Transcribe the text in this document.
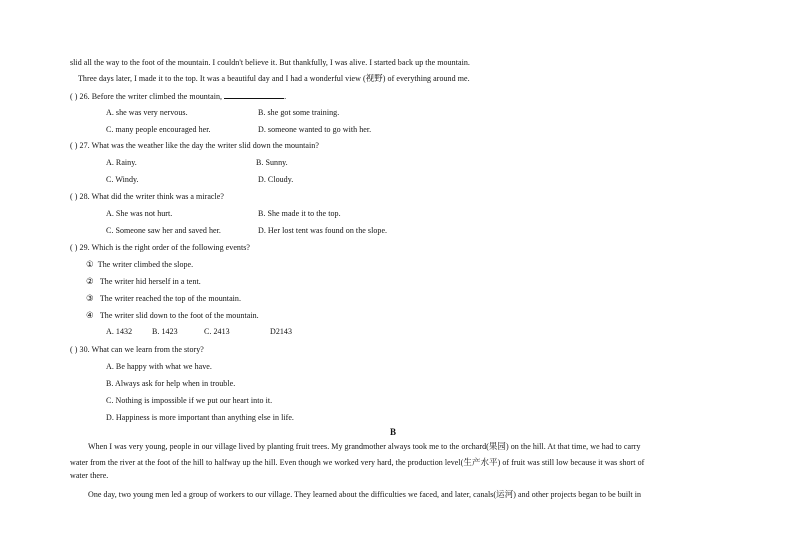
slid all the way to the foot of the mountain. I couldn't believe it. But thankfully, I was alive. I started back up the mountain.
Three days later, I made it to the top. It was a beautiful day and I had a wonderful view (视野) of everything around me.
( ) 26. Before the writer climbed the mountain,	.
A. she was very nervous.	B. she got some training.
C. many people encouraged her.	D. someone wanted to go with her.
( ) 27. What was the weather like the day the writer slid down the mountain?
A. Rainy.	B. Sunny.
C. Windy.	D. Cloudy.
( ) 28. What did the writer think was a miracle?
A. She was not hurt.	B. She made it to the top.
C. Someone saw her and saved her.	D. Her lost tent was found on the slope.
( ) 29. Which is the right order of the following events?
① The writer climbed the slope.
② The writer hid herself in a tent.
③ The writer reached the top of the mountain.
④ The writer slid down to the foot of the mountain.
A. 1432 B. 1423	C. 2413	D2143
( ) 30. What can we learn from the story?
A. Be happy with what we have.
B. Always ask for help when in trouble.
C. Nothing is impossible if we put our heart into it.
D. Happiness is more important than anything else in life.
B
When I was very young, people in our village lived by planting fruit trees. My grandmother always took me to the orchard(果园) on the hill. At that time, we had to carry
water from the river at the foot of the hill to halfway up the hill. Even though we worked very hard, the production level(生产水平) of fruit was still low because it was short of
water there.
One day, two young men led a group of workers to our village. They learned about the difficulties we faced, and later, canals(运河) and other projects began to be built in
